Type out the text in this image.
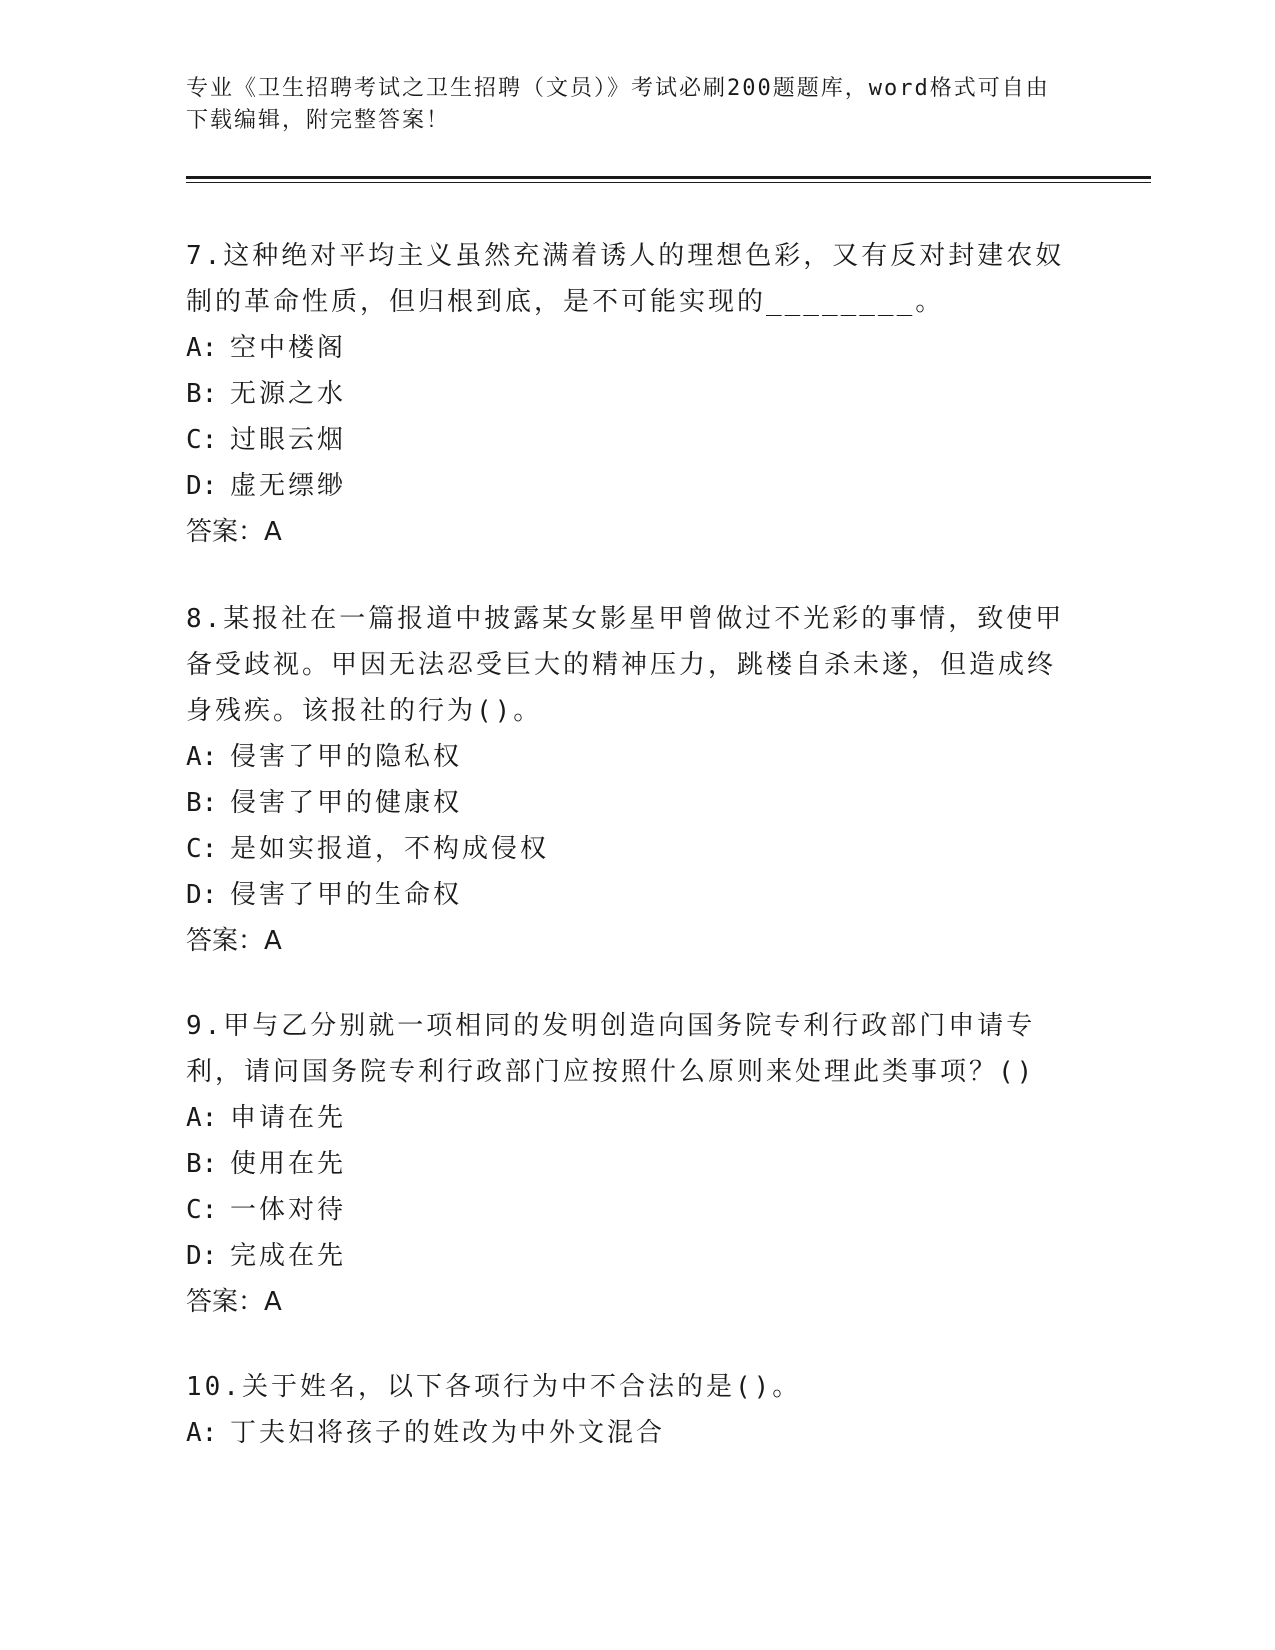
专业《卫生招聘考试之卫生招聘（文员）》考试必刷200题题库，word格式可自由下载编辑，附完整答案！

7.这种绝对平均主义虽然充满着诱人的理想色彩，又有反对封建农奴制的革命性质，但归根到底，是不可能实现的________。

A: 空中楼阁

B: 无源之水

C: 过眼云烟

D: 虚无缥缈

答案：A

8.某报社在一篇报道中披露某女影星甲曾做过不光彩的事情，致使甲备受歧视。甲因无法忍受巨大的精神压力，跳楼自杀未遂，但造成终身残疾。该报社的行为()。

A: 侵害了甲的隐私权

B: 侵害了甲的健康权

C: 是如实报道，不构成侵权

D: 侵害了甲的生命权

答案：A

9.甲与乙分别就一项相同的发明创造向国务院专利行政部门申请专利，请问国务院专利行政部门应按照什么原则来处理此类事项？()

A: 申请在先

B: 使用在先

C: 一体对待

D: 完成在先

答案：A

10.关于姓名，以下各项行为中不合法的是()。

A: 丁夫妇将孩子的姓改为中外文混合
